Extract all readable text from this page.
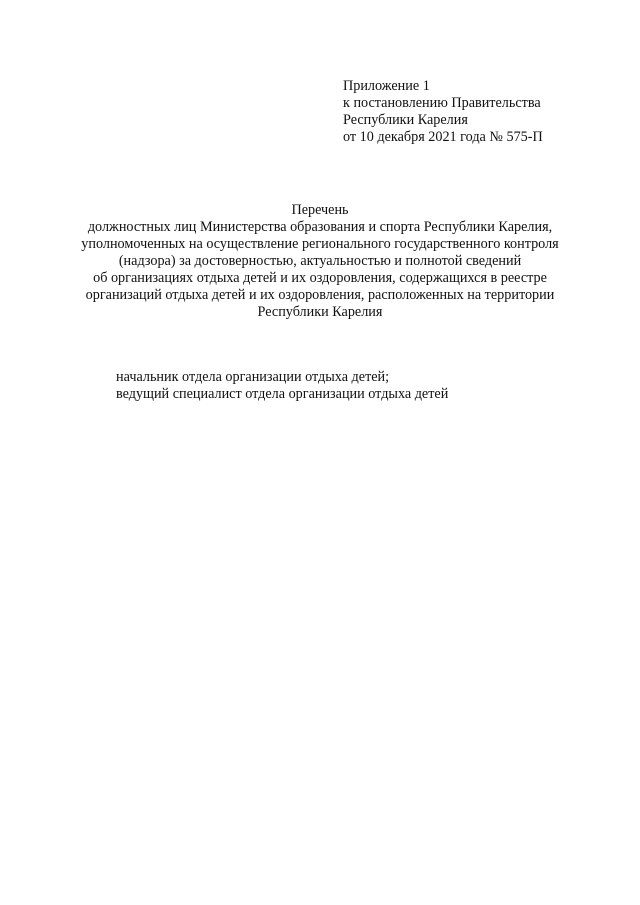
Приложение 1
к постановлению Правительства
Республики Карелия
от 10 декабря 2021 года № 575-П
Перечень
должностных лиц Министерства образования и спорта Республики Карелия,
уполномоченных на осуществление регионального государственного контроля
(надзора) за достоверностью, актуальностью и полнотой сведений
об организациях отдыха детей и их оздоровления, содержащихся в реестре
организаций отдыха детей и их оздоровления, расположенных на территории
Республики Карелия
начальник отдела организации отдыха детей;
ведущий специалист отдела организации отдыха детей
